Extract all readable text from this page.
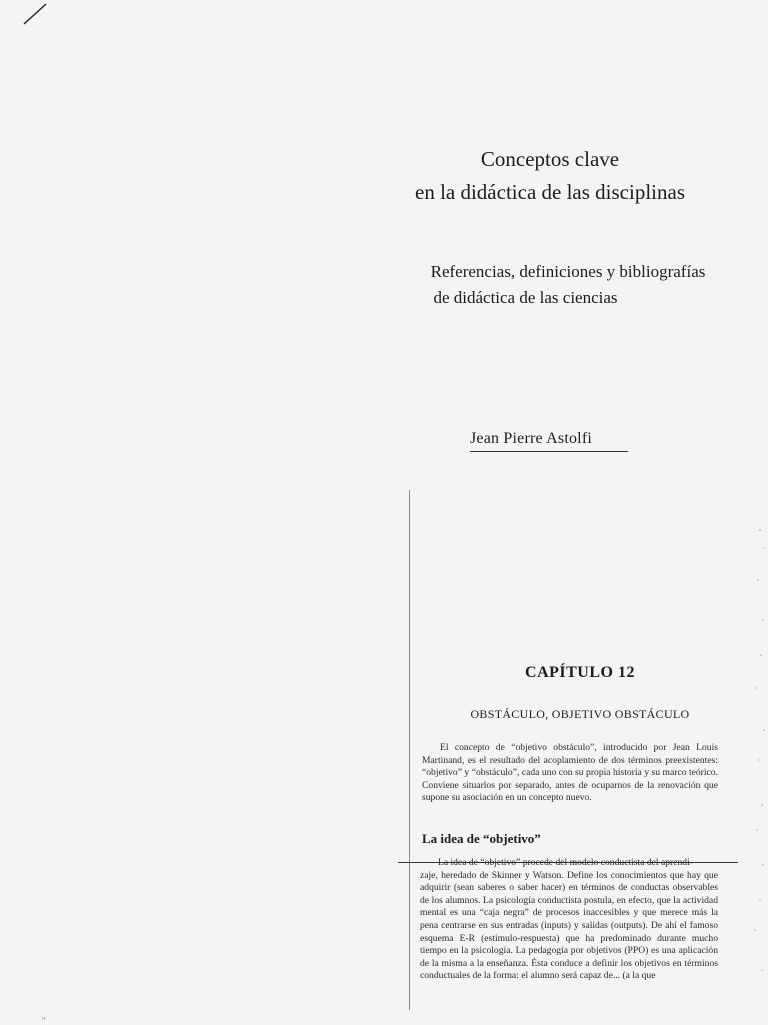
Conceptos clave
en la didáctica de las disciplinas
Referencias, definiciones y bibliografías
de didáctica de las ciencias
Jean Pierre Astolfi
CAPÍTULO 12
OBSTÁCULO, OBJETIVO OBSTÁCULO
El concepto de “objetivo obstáculo”, introducido por Jean Louis Martinand, es el resultado del acoplamiento de dos términos preexistentes: “objetivo” y “obstáculo”, cada uno con su propia historia y su marco teórico. Conviene situarlos por separado, antes de ocuparnos de la renovación que supone su asociación en un concepto nuevo.
La idea de “objetivo”
La idea de “objetivo” procede del modelo conductista del aprendi-
zaje, heredado de Skinner y Watson. Define los conocimientos que hay que adquirir (sean saberes o saber hacer) en términos de conductas observables de los alumnos. La psicología conductista postula, en efecto, que la actividad mental es una “caja negra” de procesos inaccesibles y que merece más la pena centrarse en sus entradas (inputs) y salidas (outputs). De ahí el famoso esquema E-R (estímulo-respuesta) que ha predominado durante mucho tiempo en la psicología. La pedagogía por objetivos (PPO) es una aplicación de la misma a la enseñanza. Ésta conduce a definir los objetivos en términos conductuales de la forma: el alumno será capaz de... (a la que
"
